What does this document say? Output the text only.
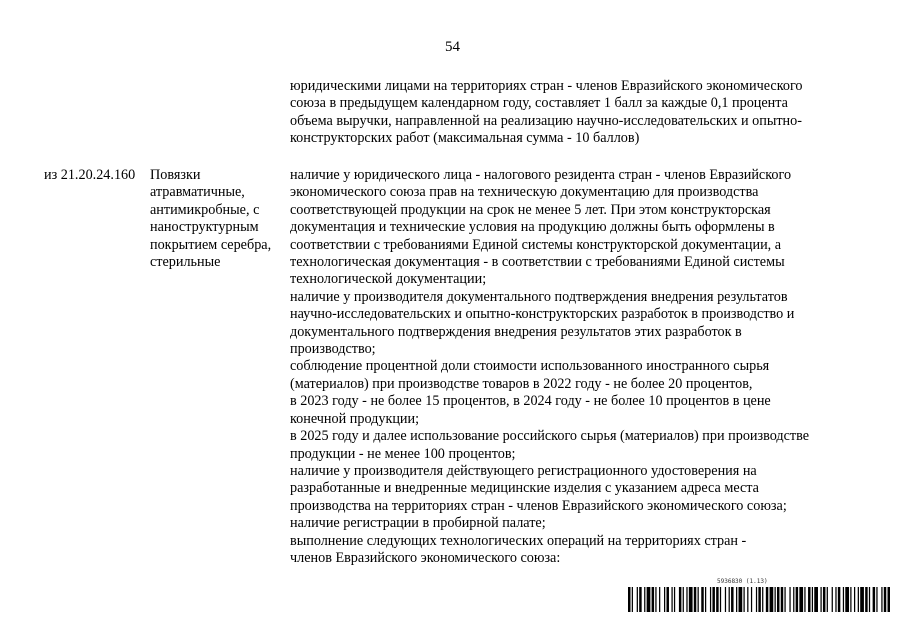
54
юридическими лицами на территориях стран - членов Евразийского экономического
союза в предыдущем календарном году, составляет 1 балл за каждые 0,1 процента
объема выручки, направленной на реализацию научно-исследовательских и опытно-
конструкторских работ (максимальная сумма - 10 баллов)
из 21.20.24.160 Повязки
атравматичные,
антимикробные, с
наноструктурным
покрытием серебра,
стерильные
наличие у юридического лица - налогового резидента стран - членов Евразийского
экономического союза прав на техническую документацию для производства
соответствующей продукции на срок не менее 5 лет. При этом конструкторская
документация и технические условия на продукцию должны быть оформлены в
соответствии с требованиями Единой системы конструкторской документации, а
технологическая документация - в соответствии с требованиями Единой системы
технологической документации;
наличие у производителя документального подтверждения внедрения результатов
научно-исследовательских и опытно-конструкторских разработок в производство и
документального подтверждения внедрения результатов этих разработок в
производство;
соблюдение процентной доли стоимости использованного иностранного сырья
(материалов) при производстве товаров в 2022 году - не более 20 процентов,
в 2023 году - не более 15 процентов, в 2024 году - не более 10 процентов в цене
конечной продукции;
в 2025 году и далее использование российского сырья (материалов) при производстве
продукции - не менее 100 процентов;
наличие у производителя действующего регистрационного удостоверения на
разработанные и внедренные медицинские изделия с указанием адреса места
производства на территориях стран - членов Евразийского экономического союза;
наличие регистрации в пробирной палате;
выполнение следующих технологических операций на территориях стран -
членов Евразийского экономического союза:
5936830 (1.13)
